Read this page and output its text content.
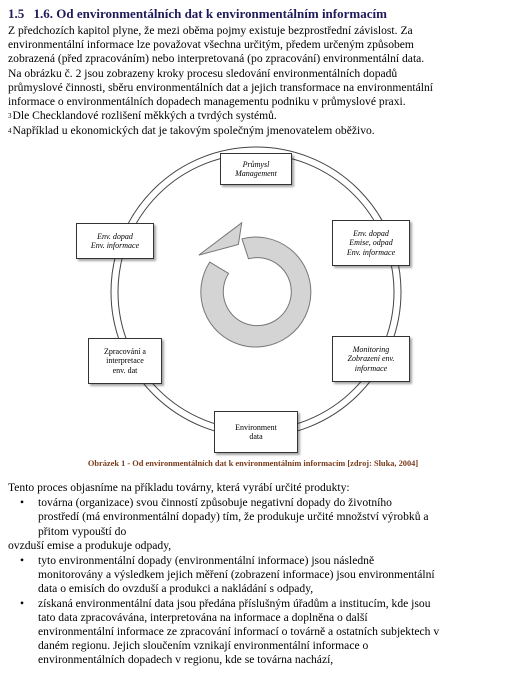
1.5 1.6. Od environmentálních dat k environmentálním informacím

Z předchozích kapitol plyne, že mezi oběma pojmy existuje bezprostřední závislost. Za

environmentální informace lze považovat všechna určitým, předem určeným způsobem

zobrazená (před zpracováním) nebo interpretovaná (po zpracování) environmentální data.

Na obrázku č. 2 jsou zobrazeny kroky procesu sledování environmentálních dopadů

průmyslové činnosti, sběru environmentálních dat a jejich transformace na environmentální

informace o environmentálních dopadech managementu podniku v průmyslové praxi.

3Dle Checklandové rozlišení měkkých a tvrdých systémů.

4Například u ekonomických dat je takovým společným jmenovatelem oběživo.

Průmysl
Management
Env. dopad
Emise, odpad
Env. informace
Monitoring
Zobrazení env.
informace
Environment
data
Zpracování a
interpretace
env. dat
Env. dopad
Env. informace
Obrázek 1 - Od environmentálních dat k environmentálním informacím [zdroj: Sluka, 2004]

Tento proces objasníme na příkladu továrny, která vyrábí určité produkty:

• továrna (organizace) svou činností způsobuje negativní dopady do životního
prostředí (má environmentální dopady) tím, že produkuje určité množství výrobků a
přitom vypouští do

ovzduší emise a produkuje odpady,

• tyto environmentální dopady (environmentální informace) jsou následně
monitorovány a výsledkem jejich měření (zobrazení informace) jsou environmentální
data o emisích do ovzduší a produkci a nakládání s odpady,
• získaná environmentální data jsou předána příslušným úřadům a institucím, kde jsou
tato data zpracovávána, interpretována na informace a doplněna o další
environmentální informace ze zpracování informací o továrně a ostatních subjektech v
daném regionu. Jejich sloučením vznikají environmentální informace o
environmentálních dopadech v regionu, kde se továrna nachází,
